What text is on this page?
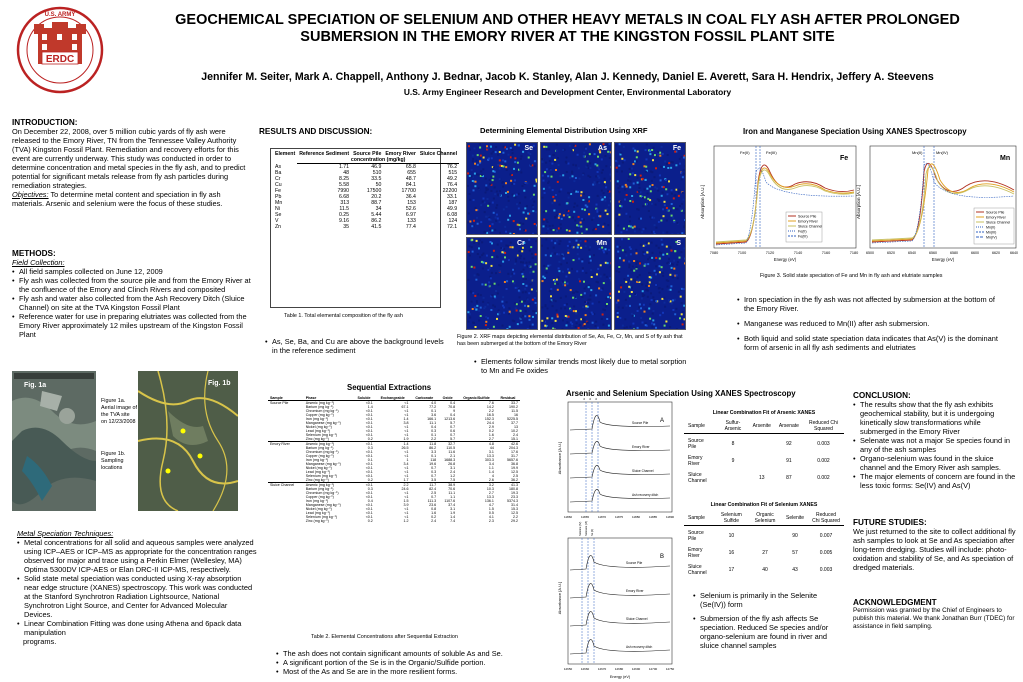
ERDC
U.S. ARMY	GEOCHEMICAL SPECIATION OF SELENIUM AND OTHER HEAVY METALS IN COAL FLY ASH AFTER PROLONGED
SUBMERSION IN THE EMORY RIVER AT THE KINGSTON FOSSIL PLANT SITE
Jennifer M. Seiter, Mark A. Chappell, Anthony J. Bednar, Jacob K. Stanley, Alan J. Kennedy, Daniel E. Averett, Sara H. Hendrix, Jeffery A. Steevens
U.S. Army Engineer Research and Development Center, Environmental Laboratory
INTRODUCTION:
On December 22, 2008, over 5 million cubic yards of fly ash were released to the Emory River, TN from the Tennessee Valley Authority (TVA) Kingston Fossil Plant. Remediation and recovery efforts for this event are currently underway. This study was conducted in order to determine concentration and metal species in the fly ash, and to predict potential for significant metals release from fly ash particles during remediation strategies.
Objectives: To determine metal content and speciation in fly ash materials. Arsenic and selenium were the focus of these studies.
METHODS:
Field Collection:
• All field samples collected on June 12, 2009
• Fly ash was collected from the source pile and from the Emory River at the confluence of the Emory and Clinch Rivers and composited
• Fly ash and water also collected from the Ash Recovery Ditch (Sluice Channel) on site at the TVA Kingston Fossil Plant
• Reference water for use in preparing elutriates was collected from the Emory River approximately 12 miles upstream of the Kingston Fossil Plant
Fig. 1a
Figure 1a. Aerial image of the TVA site on 12/23/2008
Figure 1b. Sampling locations
Fig. 1b
Metal Speciation Techniques:
• Metal concentrations for all solid and aqueous samples were analyzed using ICP–AES or ICP–MS as appropriate for the concentration ranges observed for major and trace using a Perkin Elmer (Wellesley, MA) Optima 5300DV ICP-AES or Elan DRC-II ICP-MS, respectively.
• Solid state metal speciation was conducted using X-ray absorption near edge structure (XANES) spectroscopy. This work was conducted at the Stanford Synchrotron Radiation Lightsource, National Synchrotron Light Source, and Center for Advanced Molecular Devices.
• Linear Combination Fitting was done using Athena and 6pack data manipulation
programs.
RESULTS AND DISCUSSION:
Element	Reference Sediment	Source Pile	Emory River	Sluice Channel
	concentration (mg/kg)			
As	1.71	46.9	65.8	76.2
Ba	48	510	655	515
Cr	8.25	33.5	48.7	49.2
Cu	5.58	50	84.1	76.4
Fe	7990	17500	17700	22200
Pb	6.68	20.2	36.4	33.1
Mn	313	88.7	153	187
Ni	11.5	34	52.6	49.9
Se	0.25	5.44	6.97	6.08
V	9.16	86.2	133	124
Zn	35	41.5	77.4	72.1
Table 1. Total elemental composition of the fly ash
• As, Se, Ba, and Cu are above the background levels in the reference sediment
Determining Elemental Distribution Using XRF
Se	As	Fe
Cr	Mn	S
Figure 2. XRF maps depicting elemental distribution of Se, As, Fe, Cr, Mn, and S of fly ash that has been submerged at the bottom of the Emory River
• Elements follow similar trends most likely due to metal sorption to Mn and Fe oxides
Sequential Extractions
Sample	Phase	Soluble	Exchangeable	Carbonate	Oxide	Organic/Sulfide	Residual
Source Pile	Arsenic (mg kg⁻¹)	<0.1	<1	4.0	0.4	7.6	33.7
	Barium (mg kg⁻¹)	1.4	67.1	77.2	70.8	14.2	190.2
	Chromium (mg kg⁻¹)	<0.1	<1	0.1	9	2.2	11.5
	Copper (mg kg⁻¹)	<0.1	<1	3.6	0.4	16.5	16
	Iron (mg kg⁻¹)	<0.1	1.4	166.1	1213.6	152.3	5225.5
	Manganese (mg kg⁻¹)	<0.1	3.8	11.1	5.7	24.4	37.7
	Nickel (mg kg⁻¹)	<0.1	<1	0.4	0.7	2.9	13
	Lead (mg kg⁻¹)	<0.1	<1	0.3	0.6	0.2	10.2
	Selenium (mg kg⁻¹)	<0.1	<1	0.1	0.7	1.6	2.4
	Zinc (mg kg⁻¹)	0.2	1.9	2.2	5.7	2.7	15.1
Emory River	Arsenic (mg kg⁻¹)	<0.1	1.4	11.8	32.7	4.8	42.6
	Barium (mg kg⁻¹)	0.3	26.5	86.2	110.5	44	204.3
	Chromium (mg kg⁻¹)	<0.1	<1	3.3	11.6	3.1	17.6
	Copper (mg kg⁻¹)	<0.1	<1	0.1	2.1	13.3	31.7
	Iron (mg kg⁻¹)	0.1	1	118	1688.3	303.3	5657.6
	Manganese (mg kg⁻¹)	<0.1	3.4	19.6	26.8	3.4	36.8
	Nickel (mg kg⁻¹)	<0.1	<1	0.7	3.1	1.1	19.9
	Lead (mg kg⁻¹)	<0.1	<1	0.3	2.4	1.4	12.5
	Selenium (mg kg⁻¹)	<0.1	<1	0.7	1.2	4	2.5
	Zinc (mg kg⁻¹)	0.2	1.7	3.5	7.5	2.6	36.2
Sluice Channel	Arsenic (mg kg⁻¹)	<0.1	2.2	11.7	38.9	3.2	41.3
	Barium (mg kg⁻¹)	0.3	24.6	82.4	70.6	10.3	180.8
	Chromium (mg kg⁻¹)	<0.1	<1	2.5	11.1	2.7	19.3
	Copper (mg kg⁻¹)	<0.1	<1	0.7	1.1	13.3	23.3
	Iron (mg kg⁻¹)	0.4	1.5	111.3	1107.6	136.1	5374.3
	Manganese (mg kg⁻¹)	<0.1	3.9	23.6	37.4	4.7	31.4
	Nickel (mg kg⁻¹)	<0.1	<1	0.8	3.1	1.5	15.3
	Lead (mg kg⁻¹)	<0.1	<1	1.6	1.9	0.5	12.5
	Selenium (mg kg⁻¹)	<0.1	<1	0.2	1.4	4.1	2.2
	Zinc (mg kg⁻¹)	0.2	1.2	2.4	7.4	2.3	29.2
Table 2. Elemental Concentrations after Sequential Extraction
• The ash does not contain significant amounts of soluble As and Se.
• A significant portion of the Se is in the Organic/Sulfide portion.
• Most of the As and Se are in the more resilient forms.
Iron and Manganese Speciation Using XANES Spectroscopy
Absorption [A.U.]
Fe
Fe(II)	Fe(III)
Source Pile
Emory River
Sluice Channel
Fe(II)
Fe(III)
7080	7100	7120	7140	7160	7180
Energy (eV)
Absorption [A.U.]
Mn
Mn(II)	Mn(IV)
Source Pile
Emory River
Sluice Channel
Mn(II)
Mn(III)
Mn(IV)
6500	6520	6540	6560	6580	6600	6620	6640
Energy (eV)
Figure 3. Solid state speciation of Fe and Mn in fly ash and elutriate samples
• Iron speciation in the fly ash was not affected by submersion at the bottom of the Emory River.
• Manganese was reduced to Mn(II) after ash submersion.
• Both liquid and solid state speciation data indicates that As(V) is the dominant form of arsenic in all fly ash sediments and elutriates
Arsenic and Selenium Speciation Using XANES Spectroscopy
Absorbance [A.U.]
A
Source Pile
Emory River
Sluice Channel
Ash recovery ditch
11860	11865	11870	11875	11880	11885	11890
Absorbance [A.U.]
Selenite (IV)	Selenate (VI)	Se (0)
B
Source Pile
Emory River
Sluice Channel
Ash recovery ditch
12650	12660	12670	12680	12690	12700	12750
Energy (eV)
Linear Combination Fit of Arsenic XANES
Sample	Sulfur-Arsenic	Arsenite	Arsenate	Reduced Chi Squared
Source Pile	8		92	0.003
Emory River	9		91	0.002
Sluice Channel		13	87	0.002
Linear Combination Fit of Selenium XANES
Sample	Selenium Sulfide	Organic Selenium	Selenite	Reduced Chi Squared
Source Pile	10		90	0.007
Emory River	16	27	57	0.005
Sluice Channel	17	40	43	0.003
• Selenium is primarily in the Selenite (Se(IV)) form
• Submersion of the fly ash affects Se speciation. Reduced Se species and/or organo-selenium are found in river and sluice channel samples
CONCLUSION:
• The results show that the fly ash exhibits geochemical stability, but it is undergoing kinetically slow transformations while submerged in the Emory River
• Selenate was not a major Se species found in any of the ash samples
• Organo-selenium was found in the sluice channel and the Emory River ash samples.
• The major elements of concern are found in the less toxic forms: Se(IV) and As(V)
FUTURE STUDIES:
We just returned to the site to collect additional fly ash samples to look at Se and As speciation after long-term dredging. Studies will include: photo-oxidation and stability of Se, and As speciation of dredged materials.
ACKNOWLEDGMENT
Permission was granted by the Chief of Engineers to publish this material. We thank Jonathan Burr (TDEC) for assistance in field sampling.
